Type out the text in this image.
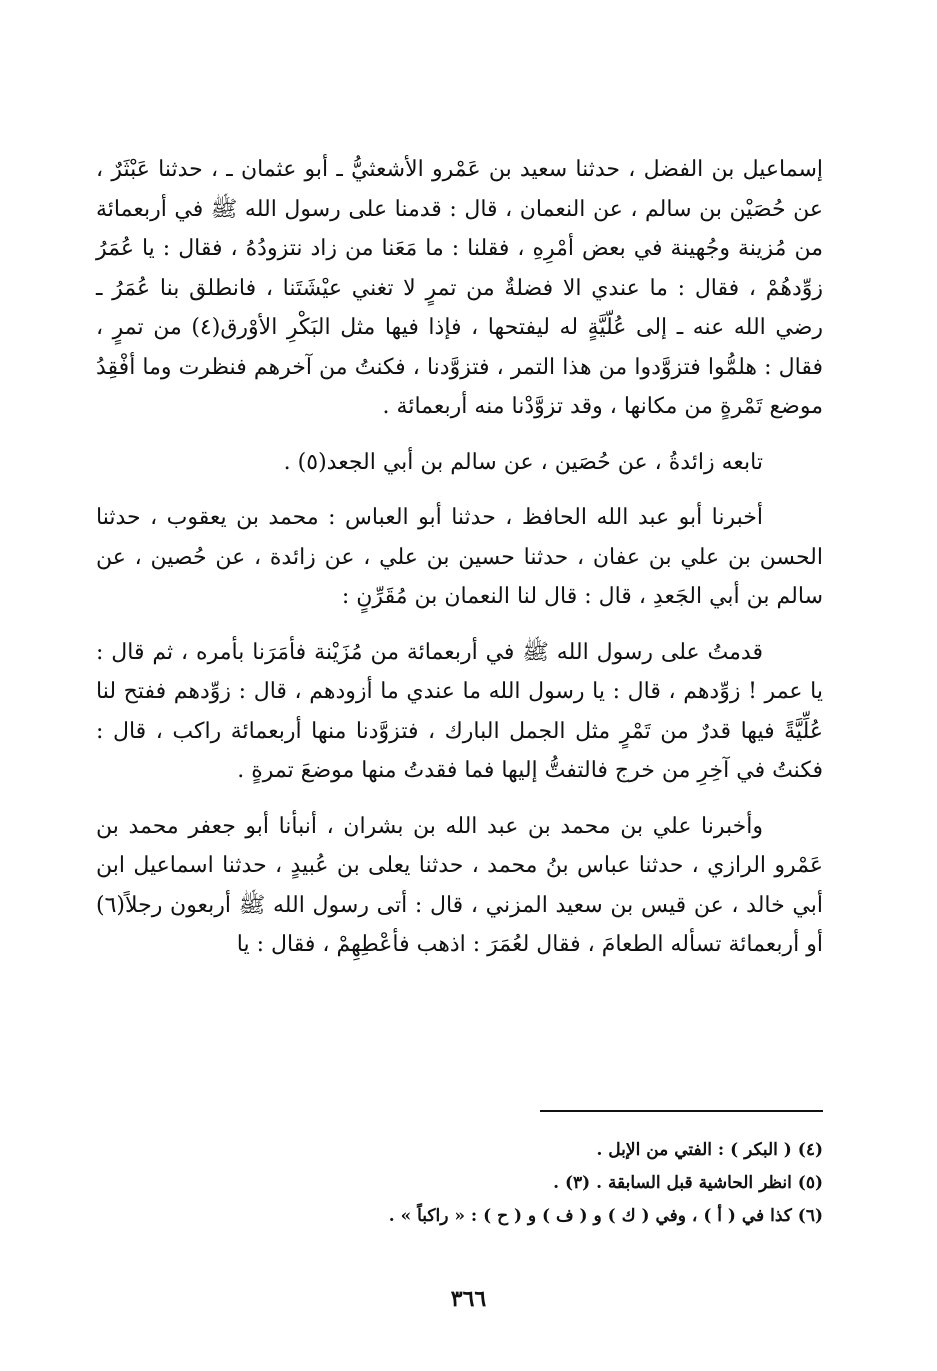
إسماعيل بن الفضل ، حدثنا سعيد بن عَمْرو الأشعثيُّ ـ أبو عثمان ـ ، حدثنا عَبْثَرٌ ، عن حُصَيْن بن سالم ، عن النعمان ، قال : قدمنا على رسول الله ﷺ في أربعمائة من مُزينة وجُهينة في بعض أمْرِهِ ، فقلنا : ما مَعَنا من زاد نتزودُهُ ، فقال : يا عُمَرُ زوِّدهُمْ ، فقال : ما عندي الا فضلةٌ من تمرٍ لا تغني عيْشَتَنا ، فانطلق بنا عُمَرُ ـ رضي الله عنه ـ إلى عُلّيَّةٍ له ليفتحها ، فإذا فيها مثل البَكْرِ الأوْرق(٤) من تمرٍ ، فقال : هلمُّوا فتزوَّدوا من هذا التمر ، فتزوَّدنا ، فكنتُ من آخرهم فنظرت وما أفْقِدُ موضع تَمْرةٍ من مكانها ، وقد تزوَّدْنا منه أربعمائة .

تابعه زائدةُ ، عن حُصَين ، عن سالم بن أبي الجعد(٥) .

أخبرنا أبو عبد الله الحافظ ، حدثنا أبو العباس : محمد بن يعقوب ، حدثنا الحسن بن علي بن عفان ، حدثنا حسين بن علي ، عن زائدة ، عن حُصين ، عن سالم بن أبي الجَعدِ ، قال : قال لنا النعمان بن مُقَرِّنٍ :

قدمتُ على رسول الله ﷺ في أربعمائة من مُزَيْنة فأمَرَنا بأمره ، ثم قال : يا عمر ! زوِّدهم ، قال : يا رسول الله ما عندي ما أزودهم ، قال : زوِّدهم ففتح لنا عُلِّيَّةً فيها قدرٌ من تَمْرٍ مثل الجمل البارك ، فتزوَّدنا منها أربعمائة راكب ، قال : فكنتُ في آخِرِ من خرج فالتفتُّ إليها فما فقدتُ منها موضعَ تمرةٍ .

وأخبرنا علي بن محمد بن عبد الله بن بشران ، أنبأنا أبو جعفر محمد بن عَمْرو الرازي ، حدثنا عباس بنُ محمد ، حدثنا يعلى بن عُبيدٍ ، حدثنا اسماعيل ابن أبي خالد ، عن قيس بن سعيد المزني ، قال : أتى رسول الله ﷺ أربعون رجلاً(٦) أو أربعمائة تسأله الطعامَ ، فقال لعُمَرَ : اذهب فأعْطِهِمْ ، فقال : يا

(٤) ( البكر ) : الفتي من الإبل .

(٥) انظر الحاشية قبل السابقة . (٣) .

(٦) كذا في ( أ ) ، وفي ( ك ) و ( ف ) و ( ح ) : « راكباً » .

٣٦٦
